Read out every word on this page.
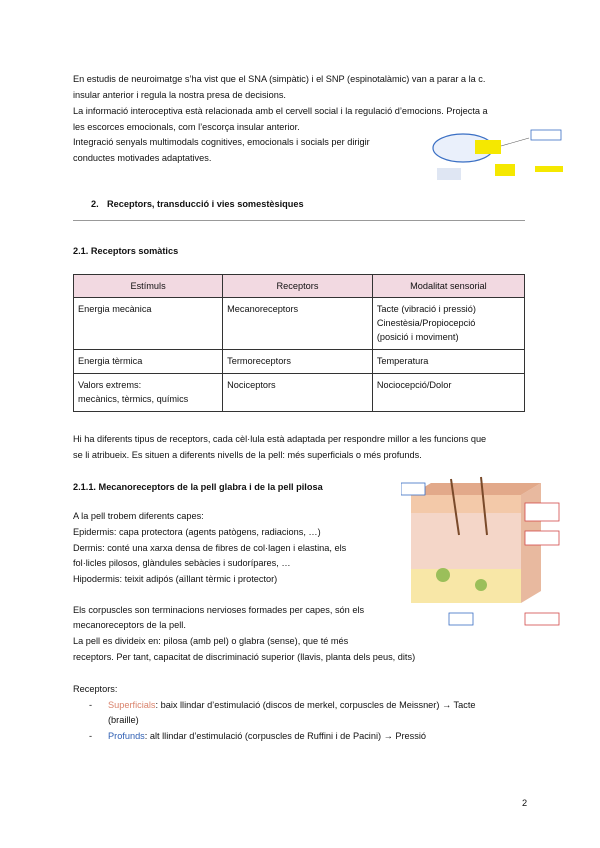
En estudis de neuroimatge s’ha vist que el SNA (simpàtic) i el SNP (espinotalàmic) van a parar a la c.
insular anterior i regula la nostra presa de decisions.
La informació interoceptiva està relacionada amb el cervell social i la regulació d’emocions. Projecta a
les escorces emocionals, com l’escorça insular anterior.
Integració senyals multimodals cognitives, emocionals i socials per dirigir
conductes motivades adaptatives.
2. Receptors, transducció i vies somestèsiques
2.1. Receptors somàtics
Estímuls	Receptors	Modalitat sensorial
Energia mecànica	Mecanoreceptors	Tacte (vibració i pressió)
Cinestèsia/Propiocepció
(posició i moviment)

Energia tèrmica	Termoreceptors	Temperatura

Valors extrems:
mecànics, tèrmics, químics	Nociceptors	Nociocepció/Dolor
Hi ha diferents tipus de receptors, cada cèl·lula està adaptada per respondre millor a les funcions que
se li atribueix. Es situen a diferents nivells de la pell: més superficials o més profunds.
2.1.1. Mecanoreceptors de la pell glabra i de la pell pilosa
A la pell trobem diferents capes:
Epidermis: capa protectora (agents patògens, radiacions, …)
Dermis: conté una xarxa densa de fibres de col·lagen i elastina, els
fol·licles pilosos, glàndules sebàcies i sudorípares, …
Hipodermis: teixit adipós (aïllant tèrmic i protector)
Els corpuscles son terminacions nervioses formades per capes, són els
mecanoreceptors de la pell.
La pell es divideix en: pilosa (amb pel) o glabra (sense), que té més
receptors. Per tant, capacitat de discriminació superior (llavis, planta dels peus, dits)
Receptors:
- Superficials: baix llindar d’estimulació (discos de merkel, corpuscles de Meissner) → Tacte
(braille)
- Profunds: alt llindar d’estimulació (corpuscles de Ruffini i de Pacini) → Pressió
2
